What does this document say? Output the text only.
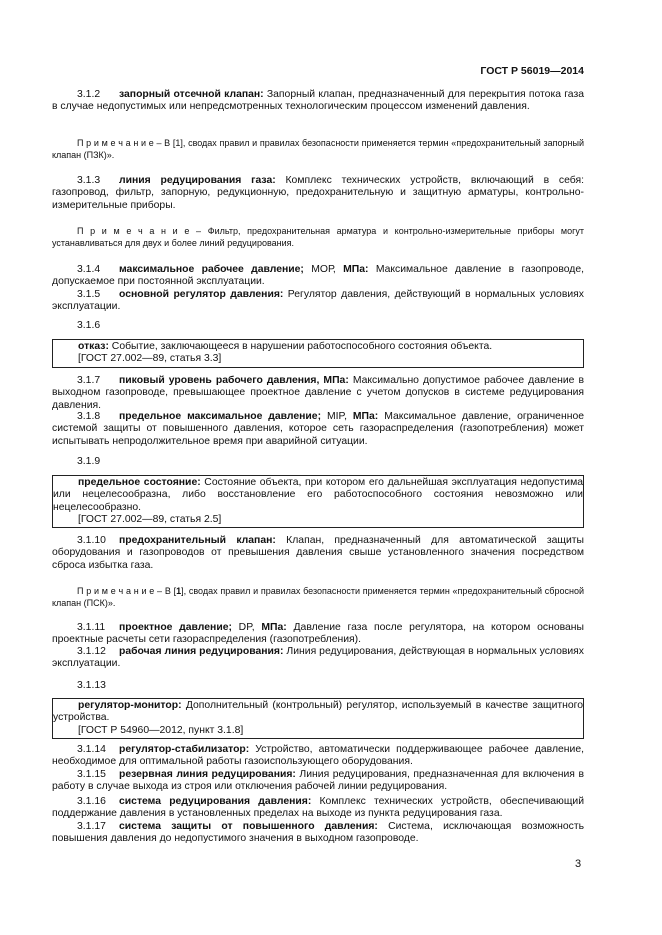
ГОСТ Р 56019—2014
3.1.2 запорный отсечной клапан: Запорный клапан, предназначенный для перекрытия потока газа в случае недопустимых или непредсмотренных технологическим процессом изменений давления.
П р и м е ч а н и е – В [1], сводах правил и правилах безопасности применяется термин «предохранительный запорный клапан (ПЗК)».
3.1.3 линия редуцирования газа: Комплекс технических устройств, включающий в себя: газопровод, фильтр, запорную, редукционную, предохранительную и защитную арматуры, контрольно-измерительные приборы.
П р и м е ч а н и е – Фильтр, предохранительная арматура и контрольно-измерительные приборы могут устанавливаться для двух и более линий редуцирования.
3.1.4 максимальное рабочее давление; МОР, МПа: Максимальное давление в газопроводе, допускаемое при постоянной эксплуатации.
3.1.5 основной регулятор давления: Регулятор давления, действующий в нормальных условиях эксплуатации.
3.1.6
отказ: Событие, заключающееся в нарушении работоспособного состояния объекта.
[ГОСТ 27.002—89, статья 3.3]
3.1.7 пиковый уровень рабочего давления, МПа: Максимально допустимое рабочее давление в выходном газопроводе, превышающее проектное давление с учетом допусков в системе редуцирования давления.
3.1.8 предельное максимальное давление; MIP, МПа: Максимальное давление, ограниченное системой защиты от повышенного давления, которое сеть газораспределения (газопотребления) может испытывать непродолжительное время при аварийной ситуации.
3.1.9
предельное состояние: Состояние объекта, при котором его дальнейшая эксплуатация недопустима или нецелесообразна, либо восстановление его работоспособного состояния невозможно или нецелесообразно.
[ГОСТ 27.002—89, статья 2.5]
3.1.10 предохранительный клапан: Клапан, предназначенный для автоматической защиты оборудования и газопроводов от превышения давления свыше установленного значения посредством сброса избытка газа.
П р и м е ч а н и е – В [1], сводах правил и правилах безопасности применяется термин «предохранительный сбросной клапан (ПСК)».
3.1.11 проектное давление; DP, МПа: Давление газа после регулятора, на котором основаны проектные расчеты сети газораспределения (газопотребления).
3.1.12 рабочая линия редуцирования: Линия редуцирования, действующая в нормальных условиях эксплуатации.
3.1.13
регулятор-монитор: Дополнительный (контрольный) регулятор, используемый в качестве защитного устройства.
[ГОСТ Р 54960—2012, пункт 3.1.8]
3.1.14 регулятор-стабилизатор: Устройство, автоматически поддерживающее рабочее давление, необходимое для оптимальной работы газоиспользующего оборудования.
3.1.15 резервная линия редуцирования: Линия редуцирования, предназначенная для включения в работу в случае выхода из строя или отключения рабочей линии редуцирования.
3.1.16 система редуцирования давления: Комплекс технических устройств, обеспечивающий поддержание давления в установленных пределах на выходе из пункта редуцирования газа.
3.1.17 система защиты от повышенного давления: Система, исключающая возможность повышения давления до недопустимого значения в выходном газопроводе.
3
